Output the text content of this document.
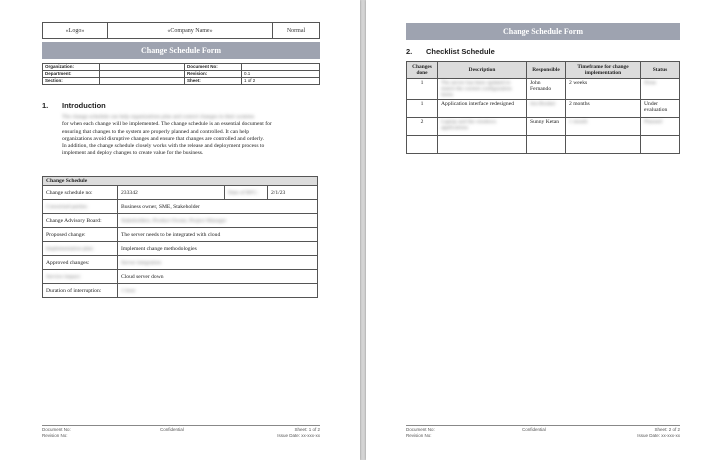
«Logo»	«Company Name»	Normal
Change Schedule Form
Organization:		Document No:	
Department:		Revision:	0.1
Section:		Sheet:	1 of 2
1. Introduction
The change schedule can help organizations plan and control changes in their systems
for when each change will be implemented. The change schedule is an essential document for
ensuring that changes to the system are properly planned and controlled. It can help
organizations avoid disruptive changes and ensure that changes are controlled and orderly.
In addition, the change schedule closely works with the release and deployment process to
implement and deploy changes to create value for the business.
Change Schedule			
Change schedule no:	233342	Date of RFC:	2/1/23
Concerned parties:	Business owner, SME, Stakeholder		
Change Advisory Board:	Stakeholders, Product Owner, Project Manager		
Proposed change:	The server needs to be integrated with cloud		
Implementation plan:	Implement change methodologies		
Approved changes:	Server integration		
Service impact:	Cloud server down		
Duration of interruption:	1 hour		
Document No:
Revision No:
Confidential	Sheet: 1 of 2
Issue Date: xx-xxx-xx
Change Schedule Form
2. Checklist Schedule
Changes done	Description	Responsible	Timeframe for change implementation	Status
1	The server has been updated to match the current configuration items	John Fernando	2 weeks	Done
1	Application interface redesigned	Jon Booker	2 months	Under evaluation
2	Laptop and the windows applications	Sunny Ketan	1 month	Planned

Document No:
Revision No:
Confidential	Sheet: 2 of 2
Issue Date: xx-xxx-xx
